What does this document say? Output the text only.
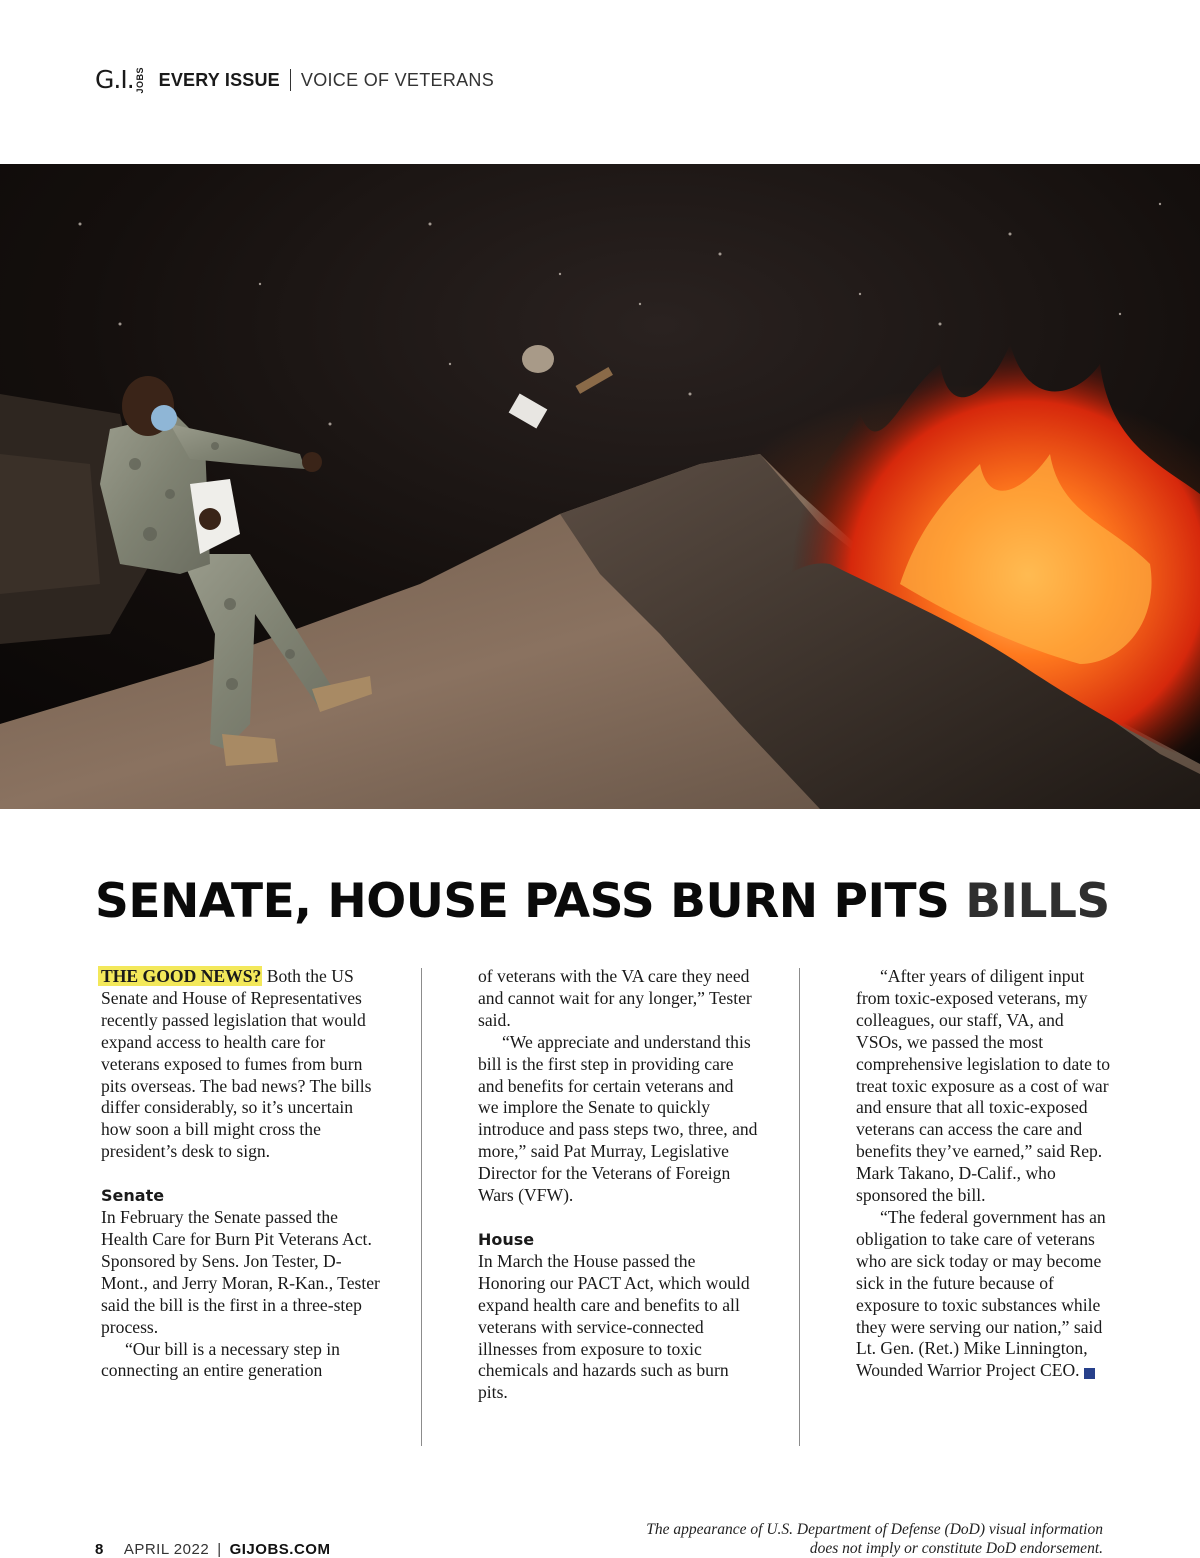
G.I. JOBS EVERY ISSUE VOICE OF VETERANS
SENATE, HOUSE PASS BURN PITS BILLS

THE GOOD NEWS? Both the US Senate and House of Representatives recently passed legislation that would expand access to health care for veterans exposed to fumes from burn pits overseas. The bad news? The bills differ considerably, so it’s uncertain how soon a bill might cross the president’s desk to sign.

Senate

In February the Senate passed the Health Care for Burn Pit Veterans Act. Sponsored by Sens. Jon Tester, D-Mont., and Jerry Moran, R-Kan., Tester said the bill is the first in a three-step process.

“Our bill is a necessary step in connecting an entire generation

of veterans with the VA care they need and cannot wait for any longer,” Tester said.

“We appreciate and understand this bill is the first step in providing care and benefits for certain veterans and we implore the Senate to quickly introduce and pass steps two, three, and more,” said Pat Murray, Legislative Director for the Veterans of Foreign Wars (VFW).

House

In March the House passed the Honoring our PACT Act, which would expand health care and benefits to all veterans with service-connected illnesses from exposure to toxic chemicals and hazards such as burn pits.

“After years of diligent input from toxic-exposed veterans, my colleagues, our staff, VA, and VSOs, we passed the most comprehensive legislation to date to treat toxic exposure as a cost of war and ensure that all toxic-exposed veterans can access the care and benefits they’ve earned,” said Rep. Mark Takano, D-Calif., who sponsored the bill.

“The federal government has an obligation to take care of veterans who are sick today or may become sick in the future because of exposure to toxic substances while they were serving our nation,” said Lt. Gen. (Ret.) Mike Linnington, Wounded Warrior Project CEO.	GI

The appearance of U.S. Department of Defense (DoD) visual information does not imply or constitute DoD endorsement.
8 APRIL 2022 | GIJOBS.COM
